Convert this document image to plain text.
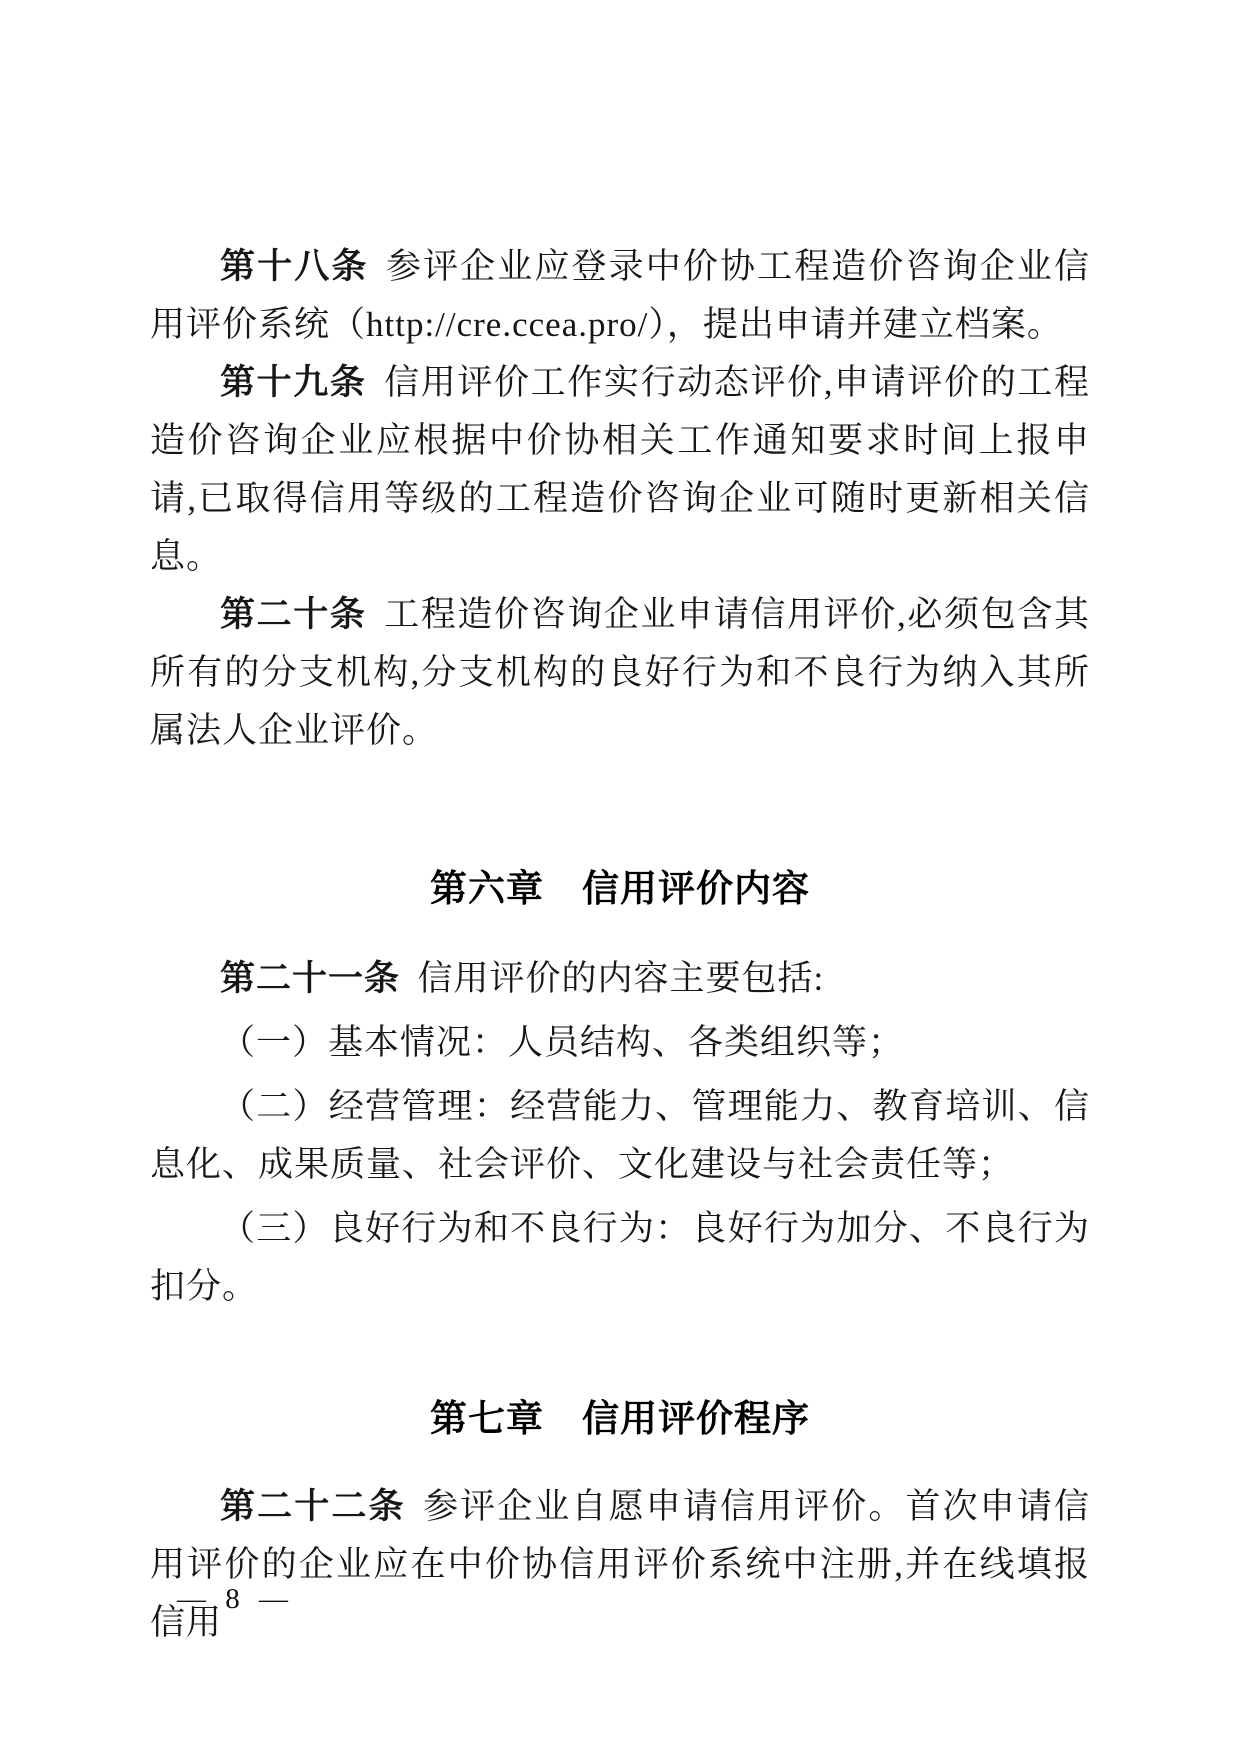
第十八条 参评企业应登录中价协工程造价咨询企业信用评价系统（http://cre.ccea.pro/），提出申请并建立档案。

第十九条 信用评价工作实行动态评价,申请评价的工程造价咨询企业应根据中价协相关工作通知要求时间上报申请,已取得信用等级的工程造价咨询企业可随时更新相关信息。

第二十条 工程造价咨询企业申请信用评价,必须包含其所有的分支机构,分支机构的良好行为和不良行为纳入其所属法人企业评价。

第六章　信用评价内容

第二十一条 信用评价的内容主要包括:

（一）基本情况：人员结构、各类组织等；

（二）经营管理：经营能力、管理能力、教育培训、信息化、成果质量、社会评价、文化建设与社会责任等；

（三）良好行为和不良行为：良好行为加分、不良行为扣分。

第七章　信用评价程序

第二十二条 参评企业自愿申请信用评价。首次申请信用评价的企业应在中价协信用评价系统中注册,并在线填报信用

— 8 —
